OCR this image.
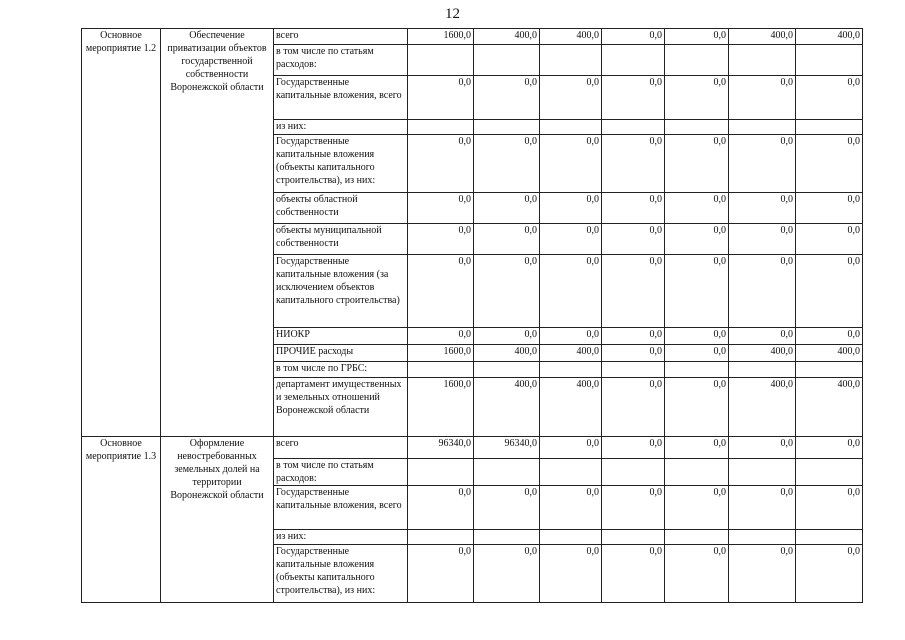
12
Основное мероприятие 1.2	Обеспечение приватизации объектов государственной собственности Воронежской области	всего	1600,0	400,0	400,0	0,0	0,0	400,0	400,0
		в том числе по статьям расходов:							
		Государственные капитальные вложения, всего	0,0	0,0	0,0	0,0	0,0	0,0	0,0
		из них:							
		Государственные капитальные вложения (объекты капитального строительства), из них:	0,0	0,0	0,0	0,0	0,0	0,0	0,0
		объекты областной собственности	0,0	0,0	0,0	0,0	0,0	0,0	0,0
		объекты муниципальной собственности	0,0	0,0	0,0	0,0	0,0	0,0	0,0
		Государственные капитальные вложения (за исключением объектов капитального строительства)	0,0	0,0	0,0	0,0	0,0	0,0	0,0
		НИОКР	0,0	0,0	0,0	0,0	0,0	0,0	0,0
		ПРОЧИЕ расходы	1600,0	400,0	400,0	0,0	0,0	400,0	400,0
		в том числе по ГРБС:							
		департамент имущественных и земельных отношений Воронежской области	1600,0	400,0	400,0	0,0	0,0	400,0	400,0
Основное мероприятие 1.3	Оформление невостребованных земельных долей на территории Воронежской области	всего	96340,0	96340,0	0,0	0,0	0,0	0,0	0,0
		в том числе по статьям расходов:							
		Государственные капитальные вложения, всего	0,0	0,0	0,0	0,0	0,0	0,0	0,0
		из них:							
		Государственные капитальные вложения (объекты капитального строительства), из них:	0,0	0,0	0,0	0,0	0,0	0,0	0,0
